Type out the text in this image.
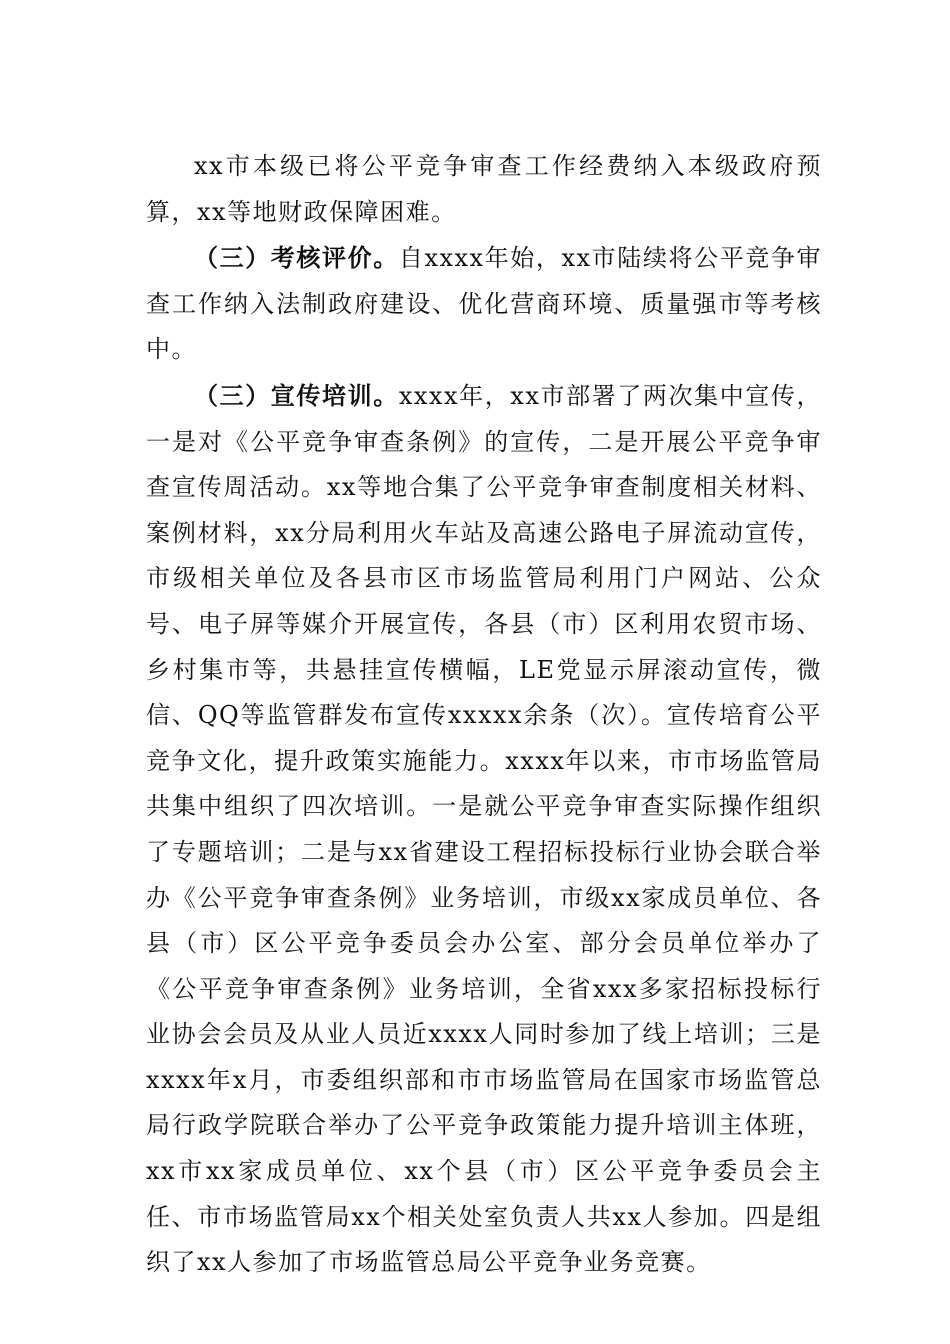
xx市本级已将公平竞争审查工作经费纳入本级政府预算，xx等地财政保障困难。

（三）考核评价。自xxxx年始，xx市陆续将公平竞争审查工作纳入法制政府建设、优化营商环境、质量强市等考核中。

（三）宣传培训。xxxx年，xx市部署了两次集中宣传，一是对《公平竞争审查条例》的宣传，二是开展公平竞争审查宣传周活动。xx等地合集了公平竞争审查制度相关材料、案例材料，xx分局利用火车站及高速公路电子屏流动宣传，市级相关单位及各县市区市场监管局利用门户网站、公众号、电子屏等媒介开展宣传，各县（市）区利用农贸市场、乡村集市等，共悬挂宣传横幅，LE党显示屏滚动宣传，微信、QQ等监管群发布宣传xxxxx余条（次）。宣传培育公平竞争文化，提升政策实施能力。xxxx年以来，市市场监管局共集中组织了四次培训。一是就公平竞争审查实际操作组织了专题培训；二是与xx省建设工程招标投标行业协会联合举办《公平竞争审查条例》业务培训，市级xx家成员单位、各县（市）区公平竞争委员会办公室、部分会员单位举办了《公平竞争审查条例》业务培训，全省xxx多家招标投标行业协会会员及从业人员近xxxx人同时参加了线上培训；三是xxxx年x月，市委组织部和市市场监管局在国家市场监管总局行政学院联合举办了公平竞争政策能力提升培训主体班，xx市xx家成员单位、xx个县（市）区公平竞争委员会主任、市市场监管局xx个相关处室负责人共xx人参加。四是组织了xx人参加了市场监管总局公平竞争业务竞赛。
